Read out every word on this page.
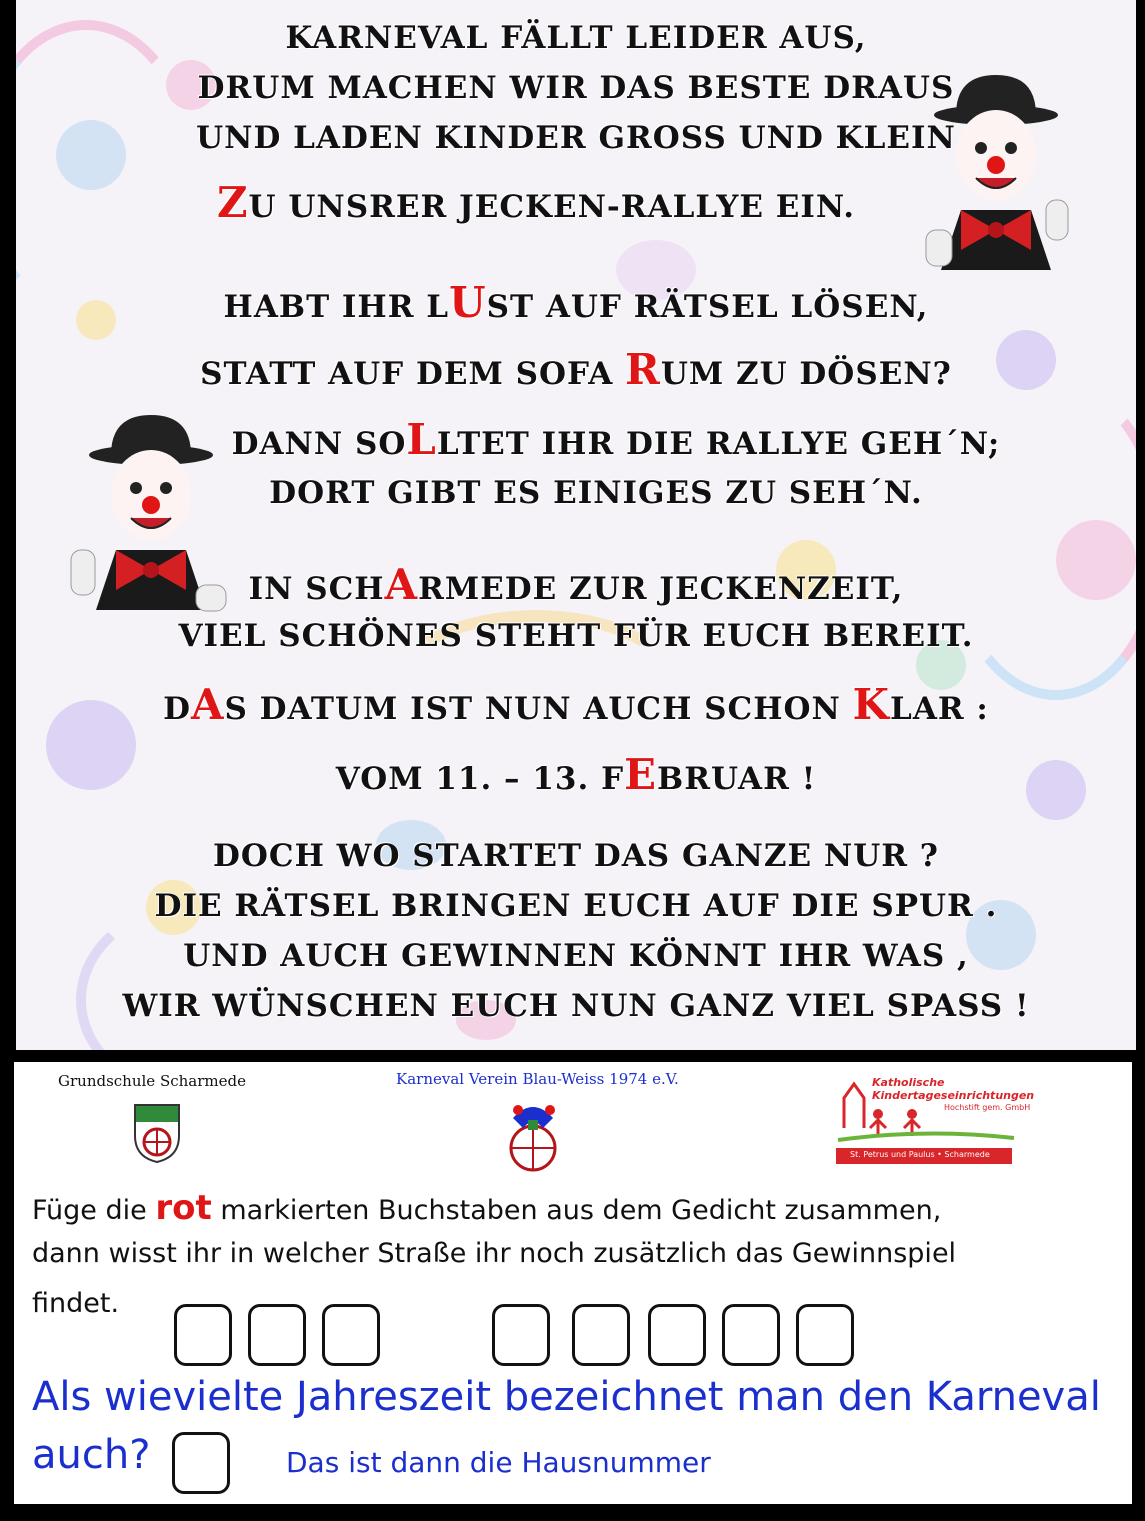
KARNEVAL FÄLLT LEIDER AUS,
DRUM MACHEN WIR DAS BESTE DRAUS
UND LADEN KINDER GROSS UND KLEIN
ZU UNSRER JECKEN-RALLYE EIN.
HABT IHR LUST AUF RÄTSEL LÖSEN,
STATT AUF DEM SOFA RUM ZU DÖSEN?
DANN SOLLTET IHR DIE RALLYE GEH´N;
DORT GIBT ES EINIGES ZU SEH´N.
IN SCHARMEDE ZUR JECKENZEIT,
VIEL SCHÖNES STEHT FÜR EUCH BEREIT.
DAS DATUM IST NUN AUCH SCHON KLAR :
VOM 11. – 13. FEBRUAR !
DOCH WO STARTET DAS GANZE NUR ?
DIE RÄTSEL BRINGEN EUCH AUF DIE SPUR .
UND AUCH GEWINNEN KÖNNT IHR WAS ,
WIR WÜNSCHEN EUCH NUN GANZ VIEL SPASS !
Grundschule Scharmede	Karneval Verein Blau-Weiss 1974 e.V.	Katholische
Kindertageseinrichtungen
Hochstift gem. GmbH
St. Petrus und Paulus • Scharmede
Füge die rot markierten Buchstaben aus dem Gedicht zusammen,
dann wisst ihr in welcher Straße ihr noch zusätzlich das Gewinnspiel
findet.
Als wievielte Jahreszeit bezeichnet man den Karneval
auch?	Das ist dann die Hausnummer
